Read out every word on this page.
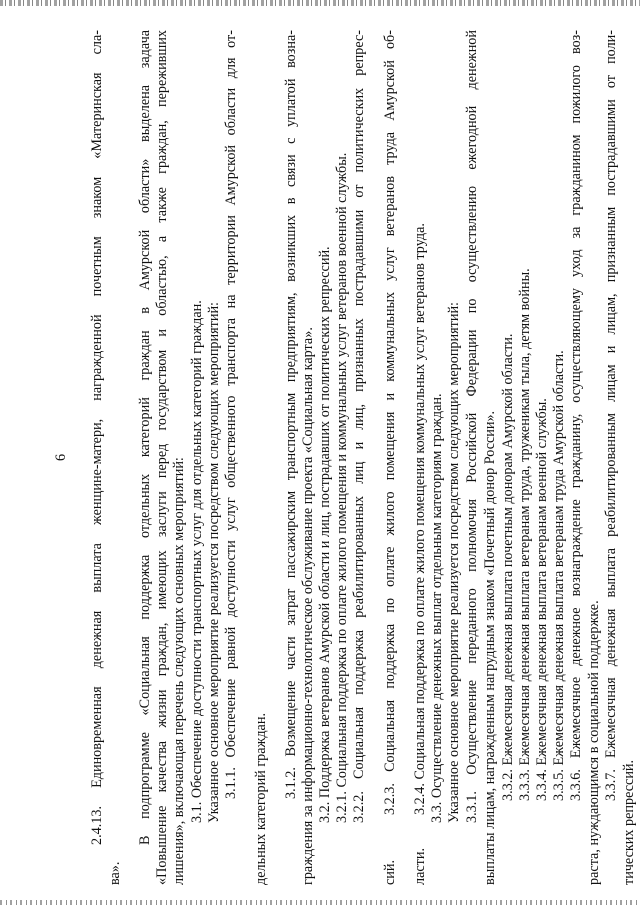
6 2.4.13. Единовременная денежная выплата женщине-матери, награжденной почетным знаком «Материнская сла-
ва».
В подпрограмме «Социальная поддержка отдельных категорий граждан в Амурской области» выделена задача «Повышение качества жизни граждан, имеющих заслуги перед государством и областью, а также граждан, переживших лишения», включающая перечень следующих основных мероприятий: 3.1. Обеспечение доступности транспортных услуг для отдельных категорий граждан. Указанное основное мероприятие реализуется посредством следующих мероприятий: 3.1.1. Обеспечение равной доступности услуг общественного транспорта на территории Амурской области для от- дельных категорий граждан. 3.1.2. Возмещение части затрат пассажирским транспортным предприятиям, возникших в связи с уплатой возна- граждения за информационно-технологическое обслуживание проекта «Социальная карта». 3.2. Поддержка ветеранов Амурской области и лиц, пострадавших от политических репрессий. 3.2.1. Социальная поддержка по оплате жилого помещения и коммунальных услуг ветеранов военной службы. 3.2.2. Социальная поддержка реабилитированных лиц и лиц, признанных пострадавшими от политических репрес-
сий.
3.2.3. Социальная поддержка по оплате жилого помещения и коммунальных услуг ветеранов труда Амурской об-
ласти.
3.2.4. Социальная поддержка по оплате жилого помещения коммунальных услуг ветеранов труда. 3.3. Осуществление денежных выплат отдельным категориям граждан. Указанное основное мероприятие реализуется посредством следующих мероприятий: 3.3.1. Осуществление переданного полномочия Российской Федерации по осуществлению ежегодной денежной выплаты лицам, награжденным нагрудным знаком «Почетный донор России». 3.3.2. Ежемесячная денежная выплата почетным донорам Амурской области. 3.3.3. Ежемесячная денежная выплата ветеранам труда, труженикам тыла, детям войны. 3.3.4. Ежемесячная денежная выплата ветеранам военной службы. 3.3.5. Ежемесячная денежная выплата ветеранам труда Амурской области. 3.3.6. Ежемесячное денежное вознаграждение гражданину, осуществляющему уход за гражданином пожилого воз- раста, нуждающимся в социальной поддержке. 3.3.7. Ежемесячная денежная выплата реабилитированным лицам и лицам, признанным пострадавшими от поли-
тических репрессий.
